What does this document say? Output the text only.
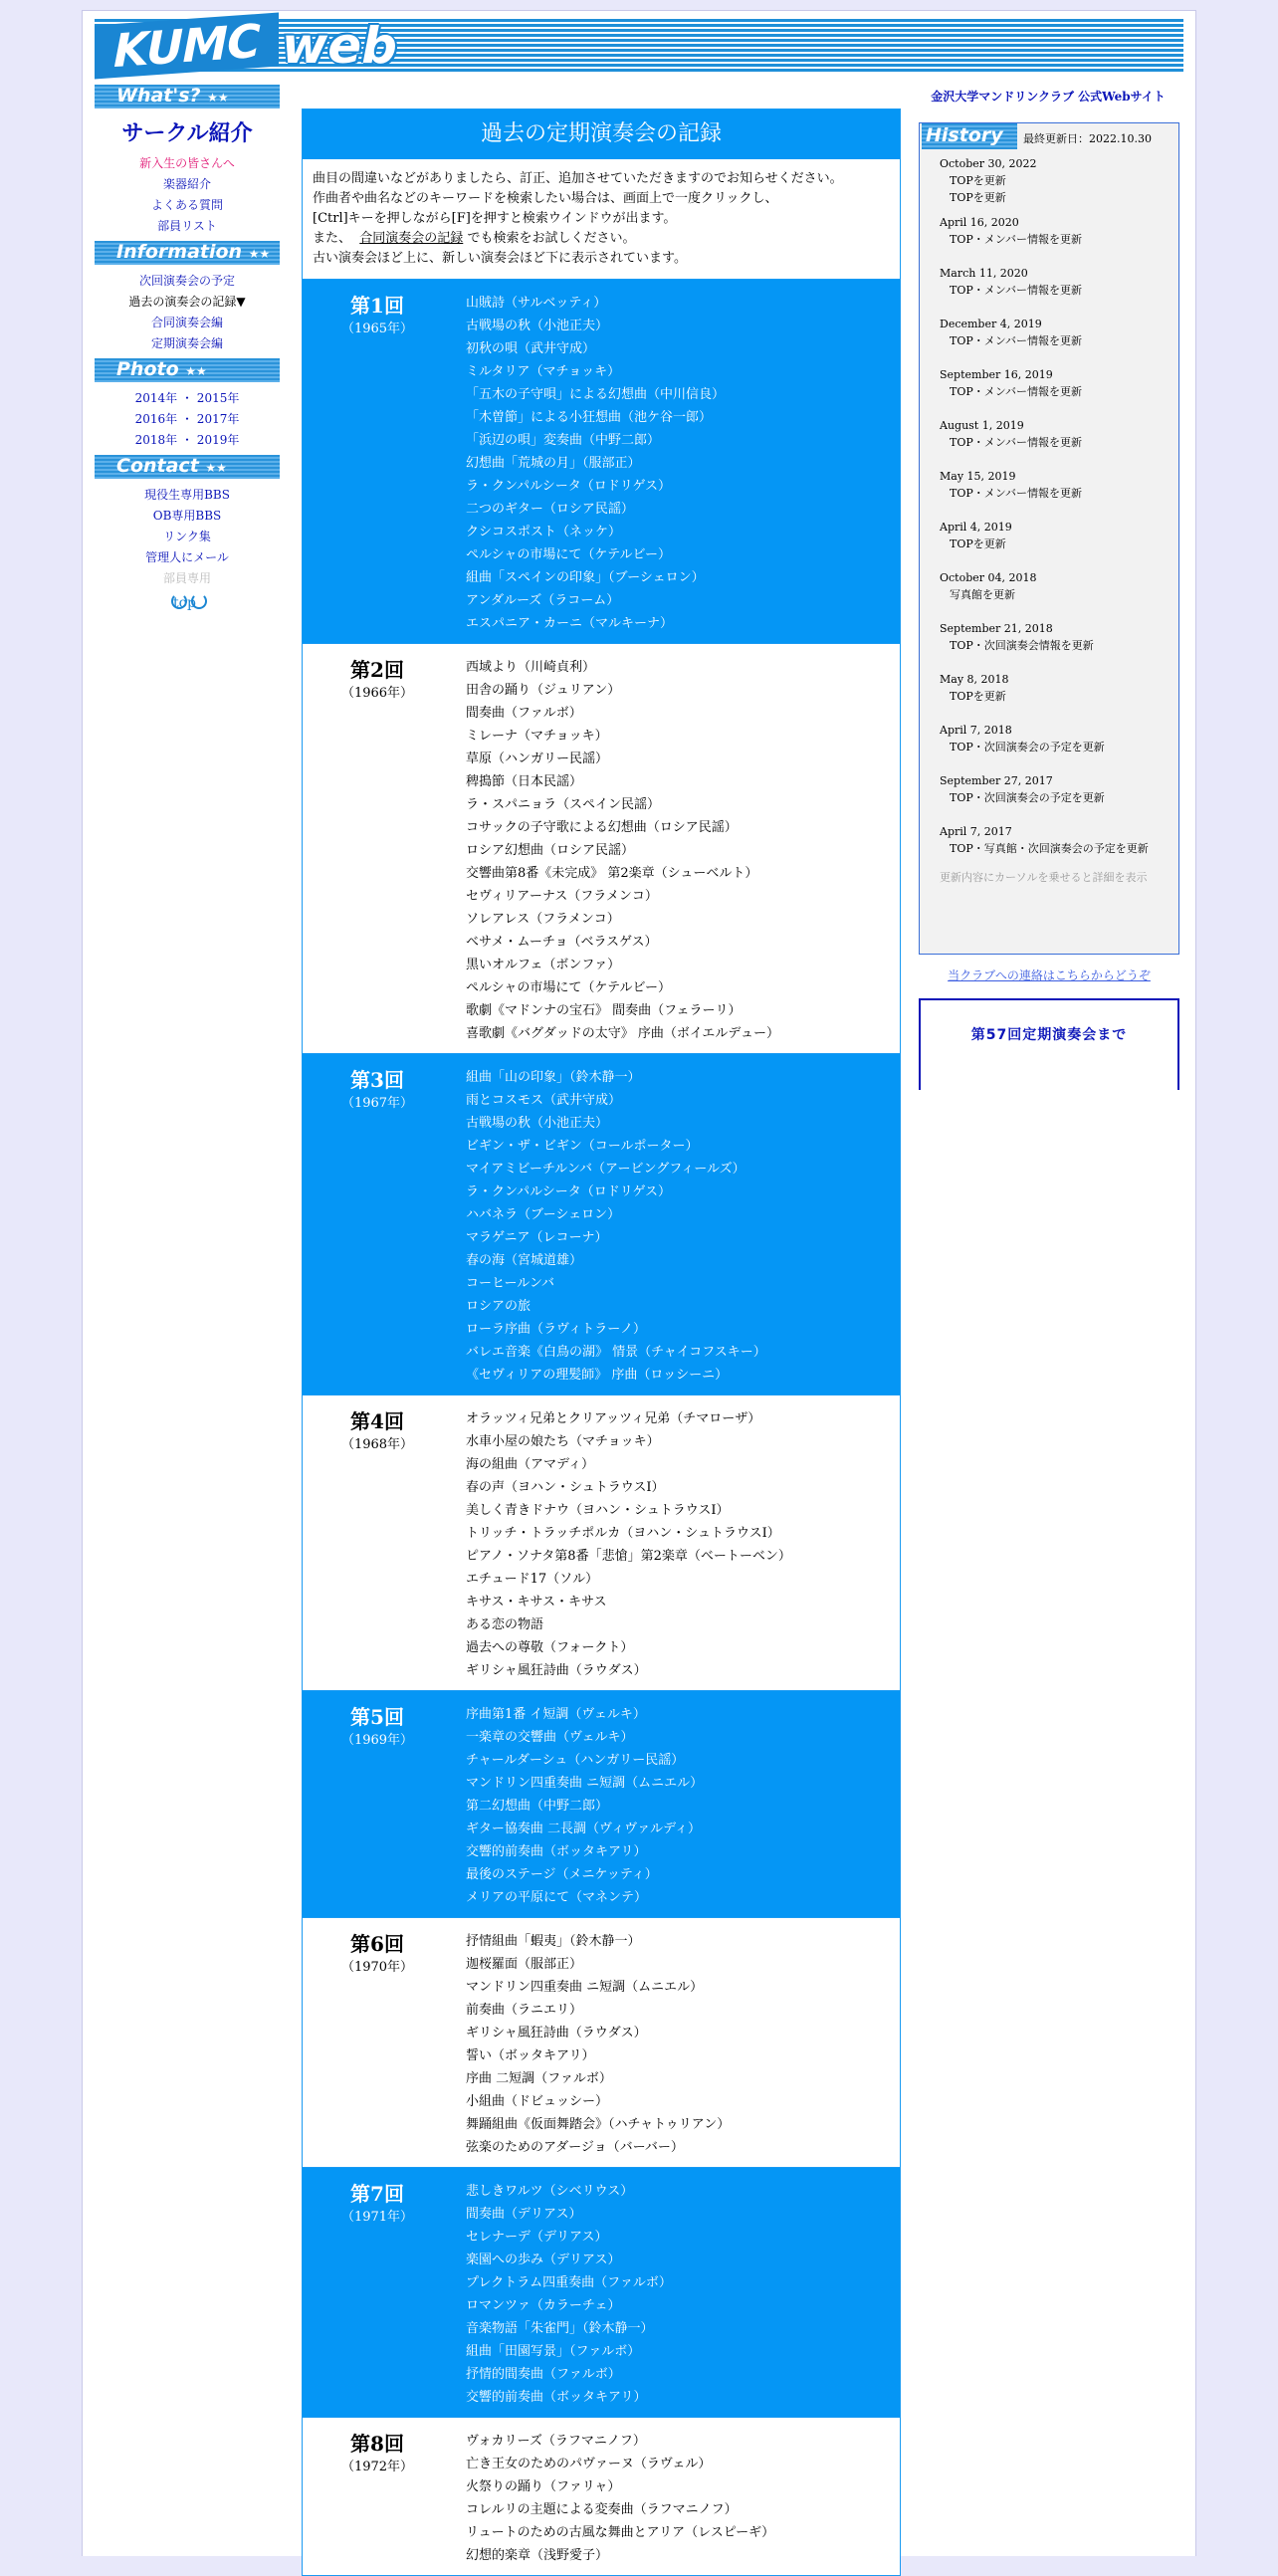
KUMC web
What's? ★★
サークル紹介
新入生の皆さんへ
楽器紹介
よくある質問
部員リスト
Information ★★
次回演奏会の予定
過去の演奏会の記録▼
合同演奏会編
定期演奏会編
Photo ★★
2014年 ・ 2015年
2016年 ・ 2017年
2018年 ・ 2019年
Contact ★★
現役生専用BBS
OB専用BBS
リンク集
管理人にメール
部員専用
top
過去の定期演奏会の記録
曲目の間違いなどがありましたら、訂正、追加させていただきますのでお知らせください。
作曲者や曲名などのキーワードを検索したい場合は、画面上で一度クリックし、
[Ctrl]キーを押しながら[F]を押すと検索ウインドウが出ます。
また、 合同演奏会の記録 でも検索をお試しください。
古い演奏会ほど上に、新しい演奏会ほど下に表示されています。
第1回
（1965年）
山賊詩（サルベッティ）
古戦場の秋（小池正夫）
初秋の唄（武井守成）
ミルタリア（マチョッキ）
「五木の子守唄」による幻想曲（中川信良）
「木曽節」による小狂想曲（池ケ谷一郎）
「浜辺の唄」変奏曲（中野二郎）
幻想曲「荒城の月」（服部正）
ラ・クンパルシータ（ロドリゲス）
二つのギター（ロシア民謡）
クシコスポスト（ネッケ）
ペルシャの市場にて（ケテルビー）
組曲「スペインの印象」（ブーシェロン）
アンダルーズ（ラコーム）
エスパニア・カーニ（マルキーナ）
第2回
（1966年）
西域より（川崎貞利）
田舎の踊り（ジュリアン）
間奏曲（ファルボ）
ミレーナ（マチョッキ）
草原（ハンガリー民謡）
稗搗節（日本民謡）
ラ・スパニョラ（スペイン民謡）
コサックの子守歌による幻想曲（ロシア民謡）
ロシア幻想曲（ロシア民謡）
交響曲第8番《未完成》 第2楽章（シューベルト）
セヴィリアーナス（フラメンコ）
ソレアレス（フラメンコ）
ベサメ・ムーチョ（ベラスゲス）
黒いオルフェ（ボンファ）
ペルシャの市場にて（ケテルビー）
歌劇《マドンナの宝石》 間奏曲（フェラーリ）
喜歌劇《バグダッドの太守》 序曲（ボイエルデュー）
第3回
（1967年）
組曲「山の印象」（鈴木静一）
雨とコスモス（武井守成）
古戦場の秋（小池正夫）
ビギン・ザ・ビギン（コールポーター）
マイアミビーチルンバ（アービングフィールズ）
ラ・クンパルシータ（ロドリゲス）
ハバネラ（ブーシェロン）
マラゲニア（レコーナ）
春の海（宮城道雄）
コーヒールンバ
ロシアの旅
ローラ序曲（ラヴィトラーノ）
バレエ音楽《白鳥の湖》 情景（チャイコフスキー）
《セヴィリアの理髪師》 序曲（ロッシーニ）
第4回
（1968年）
オラッツィ兄弟とクリアッツィ兄弟（チマローザ）
水車小屋の娘たち（マチョッキ）
海の組曲（アマディ）
春の声（ヨハン・シュトラウスⅠ）
美しく青きドナウ（ヨハン・シュトラウスⅠ）
トリッチ・トラッチポルカ（ヨハン・シュトラウスⅠ）
ピアノ・ソナタ第8番「悲愴」第2楽章（ベートーベン）
エチュード17（ソル）
キサス・キサス・キサス
ある恋の物語
過去への尊敬（フォークト）
ギリシャ風狂詩曲（ラウダス）
第5回
（1969年）
序曲第1番 イ短調（ヴェルキ）
一楽章の交響曲（ヴェルキ）
チャールダーシュ（ハンガリー民謡）
マンドリン四重奏曲 ニ短調（ムニエル）
第二幻想曲（中野二郎）
ギター協奏曲 二長調（ヴィヴァルディ）
交響的前奏曲（ボッタキアリ）
最後のステージ（メニケッティ）
メリアの平原にて（マネンテ）
第6回
（1970年）
抒情組曲「蝦夷」（鈴木静一）
迦桜羅面（服部正）
マンドリン四重奏曲 ニ短調（ムニエル）
前奏曲（ラニエリ）
ギリシャ風狂詩曲（ラウダス）
誓い（ボッタキアリ）
序曲 二短調（ファルボ）
小組曲（ドビュッシー）
舞踊組曲《仮面舞踏会》（ハチャトゥリアン）
弦楽のためのアダージョ（バーバー）
第7回
（1971年）
悲しきワルツ（シベリウス）
間奏曲（デリアス）
セレナーデ（デリアス）
楽園への歩み（デリアス）
プレクトラム四重奏曲（ファルボ）
ロマンツァ（カラーチェ）
音楽物語「朱雀門」（鈴木静一）
組曲「田園写景」（ファルボ）
抒情的間奏曲（ファルボ）
交響的前奏曲（ボッタキアリ）
第8回
（1972年）
ヴォカリーズ（ラフマニノフ）
亡き王女のためのパヴァーヌ（ラヴェル）
火祭りの踊り（ファリャ）
コレルリの主題による変奏曲（ラフマニノフ）
リュートのための古風な舞曲とアリア（レスピーギ）
幻想的楽章（浅野愛子）
金沢大学マンドリンクラブ 公式Webサイト
History	最終更新日：2022.10.30
October 30, 2022
TOPを更新
TOPを更新
April 16, 2020
TOP・メンバー情報を更新
March 11, 2020
TOP・メンバー情報を更新
December 4, 2019
TOP・メンバー情報を更新
September 16, 2019
TOP・メンバー情報を更新
August 1, 2019
TOP・メンバー情報を更新
May 15, 2019
TOP・メンバー情報を更新
April 4, 2019
TOPを更新
October 04, 2018
写真館を更新
September 21, 2018
TOP・次回演奏会情報を更新
May 8, 2018
TOPを更新
April 7, 2018
TOP・次回演奏会の予定を更新
September 27, 2017
TOP・次回演奏会の予定を更新
April 7, 2017
TOP・写真館・次回演奏会の予定を更新
更新内容にカーソルを乗せると詳細を表示
当クラブへの連絡はこちらからどうぞ
第57回定期演奏会まで
